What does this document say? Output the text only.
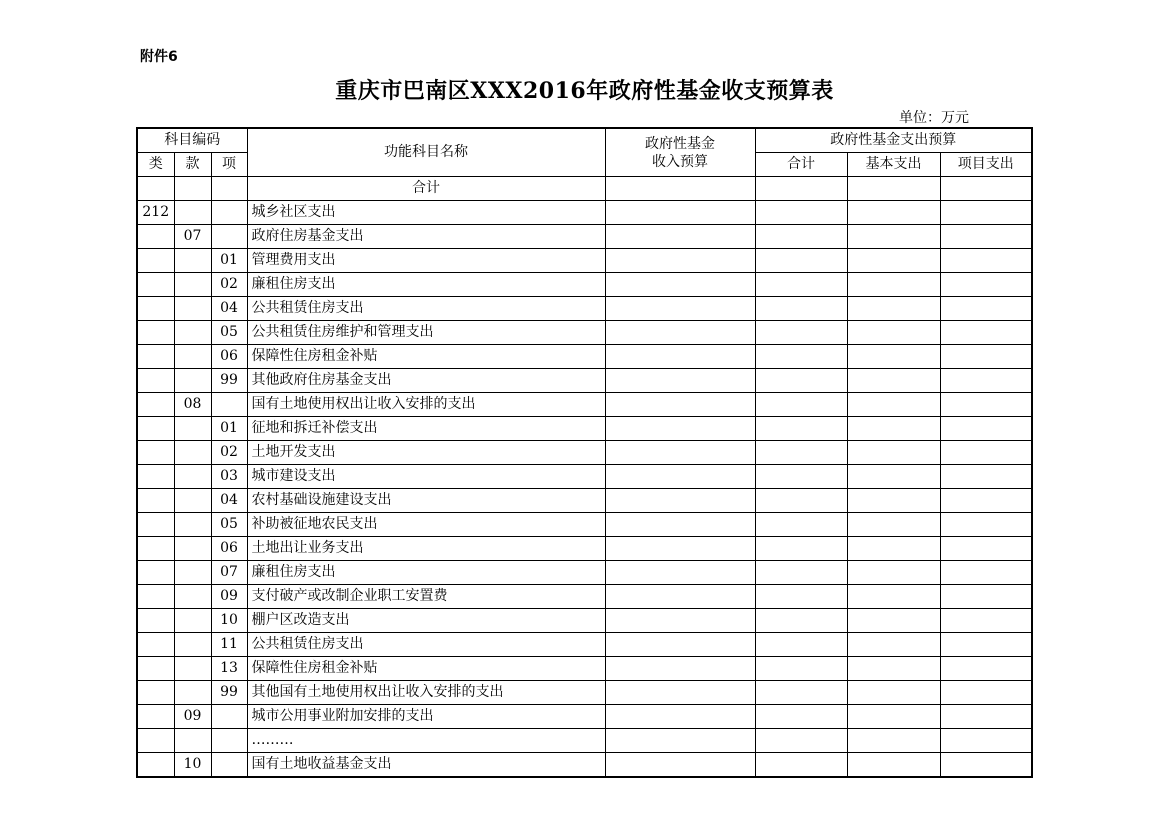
附件6
重庆市巴南区XXX2016年政府性基金收支预算表
单位：万元
科目编码			功能科目名称	政府性基金
收入预算	政府性基金支出预算		
类	款	项			合计	基本支出	项目支出
			合计				
212			城乡社区支出				
	07		政府住房基金支出				
		01	管理费用支出				
		02	廉租住房支出				
		04	公共租赁住房支出				
		05	公共租赁住房维护和管理支出				
		06	保障性住房租金补贴				
		99	其他政府住房基金支出				
	08		国有土地使用权出让收入安排的支出				
		01	征地和拆迁补偿支出				
		02	土地开发支出				
		03	城市建设支出				
		04	农村基础设施建设支出				
		05	补助被征地农民支出				
		06	土地出让业务支出				
		07	廉租住房支出				
		09	支付破产或改制企业职工安置费				
		10	棚户区改造支出				
		11	公共租赁住房支出				
		13	保障性住房租金补贴				
		99	其他国有土地使用权出让收入安排的支出				
	09		城市公用事业附加安排的支出				
			………				
	10		国有土地收益基金支出				
